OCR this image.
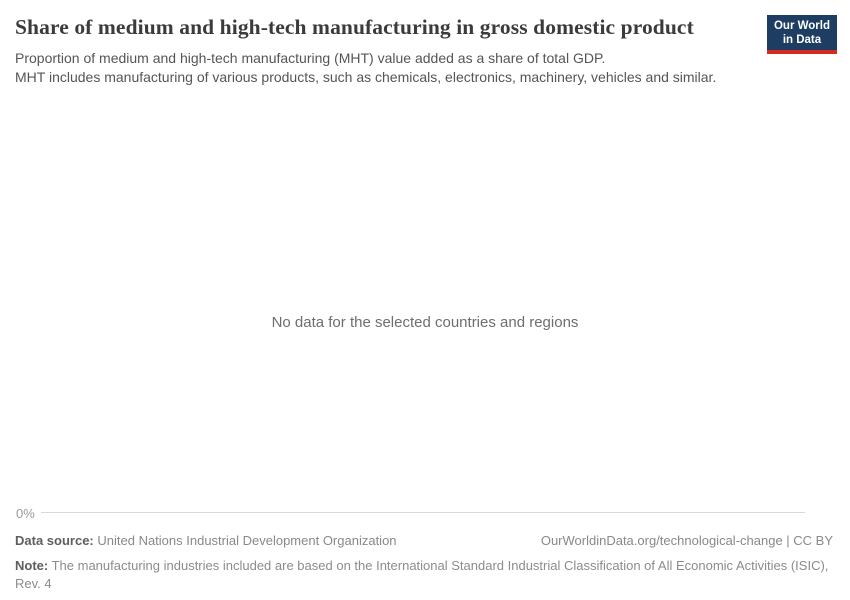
Share of medium and high-tech manufacturing in gross domestic product	Our World
in Data

Proportion of medium and high-tech manufacturing (MHT) value added as a share of total GDP.
MHT includes manufacturing of various products, such as chemicals, electronics, machinery, vehicles and similar.

No data for the selected countries and regions
0%
Data source: United Nations Industrial Development Organization	OurWorldinData.org/technological-change | CC BY
Note: The manufacturing industries included are based on the International Standard Industrial Classification of All Economic Activities (ISIC), Rev. 4
